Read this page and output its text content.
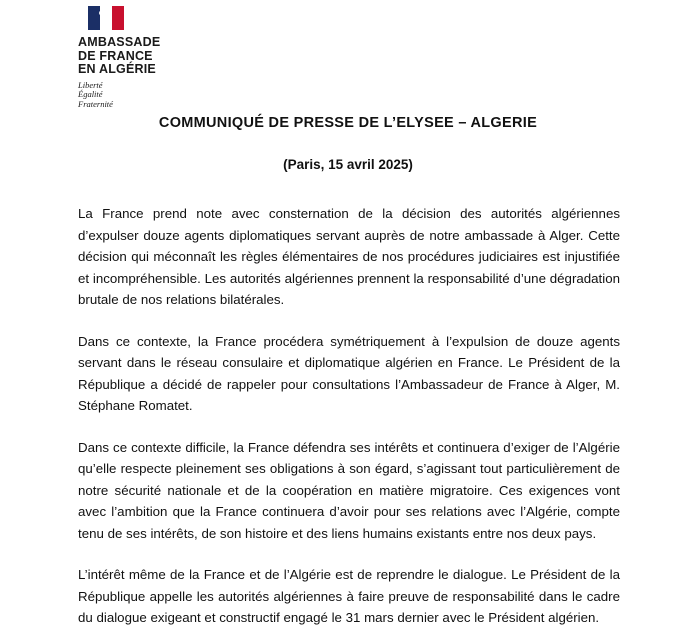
AMBASSADE
DE FRANCE
EN ALGÉRIE
Liberté
Égalité
Fraternité
COMMUNIQUÉ DE PRESSE DE L’ELYSEE – ALGERIE
(Paris, 15 avril 2025)

La France prend note avec consternation de la décision des autorités algériennes d’expulser douze agents diplomatiques servant auprès de notre ambassade à Alger. Cette décision qui méconnaît les règles élémentaires de nos procédures judiciaires est injustifiée et incompréhensible. Les autorités algériennes prennent la responsabilité d’une dégradation brutale de nos relations bilatérales.

Dans ce contexte, la France procédera symétriquement à l’expulsion de douze agents servant dans le réseau consulaire et diplomatique algérien en France. Le Président de la République a décidé de rappeler pour consultations l’Ambassadeur de France à Alger, M. Stéphane Romatet.

Dans ce contexte difficile, la France défendra ses intérêts et continuera d’exiger de l’Algérie qu’elle respecte pleinement ses obligations à son égard, s’agissant tout particulièrement de notre sécurité nationale et de la coopération en matière migratoire. Ces exigences vont avec l’ambition que la France continuera d’avoir pour ses relations avec l’Algérie, compte tenu de ses intérêts, de son histoire et des liens humains existants entre nos deux pays.

L’intérêt même de la France et de l’Algérie est de reprendre le dialogue. Le Président de la République appelle les autorités algériennes à faire preuve de responsabilité dans le cadre du dialogue exigeant et constructif engagé le 31 mars dernier avec le Président algérien.
